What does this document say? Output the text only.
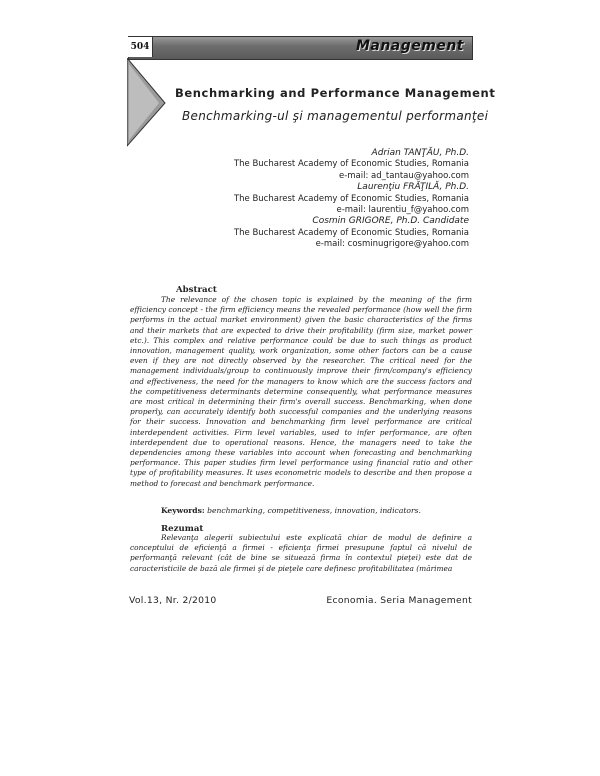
Management
504
Benchmarking and Performance Management
Benchmarking-ul şi managementul performanţei
Adrian TANŢĂU, Ph.D.
The Bucharest Academy of Economic Studies, Romania
e-mail: ad_tantau@yahoo.com
Laurenţiu FRĂŢILĂ, Ph.D.
The Bucharest Academy of Economic Studies, Romania
e-mail: laurentiu_f@yahoo.com
Cosmin GRIGORE, Ph.D. Candidate
The Bucharest Academy of Economic Studies, Romania
e-mail: cosminugrigore@yahoo.com
Abstract
The relevance of the chosen topic is explained by the meaning of the firm efficiency concept - the firm efficiency means the revealed performance (how well the firm performs in the actual market environment) given the basic characteristics of the firms and their markets that are expected to drive their profitability (firm size, market power etc.). This complex and relative performance could be due to such things as product innovation, management quality, work organization, some other factors can be a cause even if they are not directly observed by the researcher. The critical need for the management individuals/group to continuously improve their firm/company's efficiency and effectiveness, the need for the managers to know which are the success factors and the competitiveness determinants determine consequently, what performance measures are most critical in determining their firm's overall success. Benchmarking, when done properly, can accurately identify both successful companies and the underlying reasons for their success. Innovation and benchmarking firm level performance are critical interdependent activities. Firm level variables, used to infer performance, are often interdependent due to operational reasons. Hence, the managers need to take the dependencies among these variables into account when forecasting and benchmarking performance. This paper studies firm level performance using financial ratio and other type of profitability measures. It uses econometric models to describe and then propose a method to forecast and benchmark performance.
Keywords: benchmarking, competitiveness, innovation, indicators.
Rezumat
Relevanţa alegerii subiectului este explicată chiar de modul de definire a conceptului de eficienţă a firmei - eficienţa firmei presupune faptul că nivelul de performanţă relevant (cât de bine se situează firma în contextul pieţei) este dat de caracteristicile de bază ale firmei şi de pieţele care definesc profitabilitatea (mărimea
Vol.13, Nr. 2/2010	Economia. Seria Management
